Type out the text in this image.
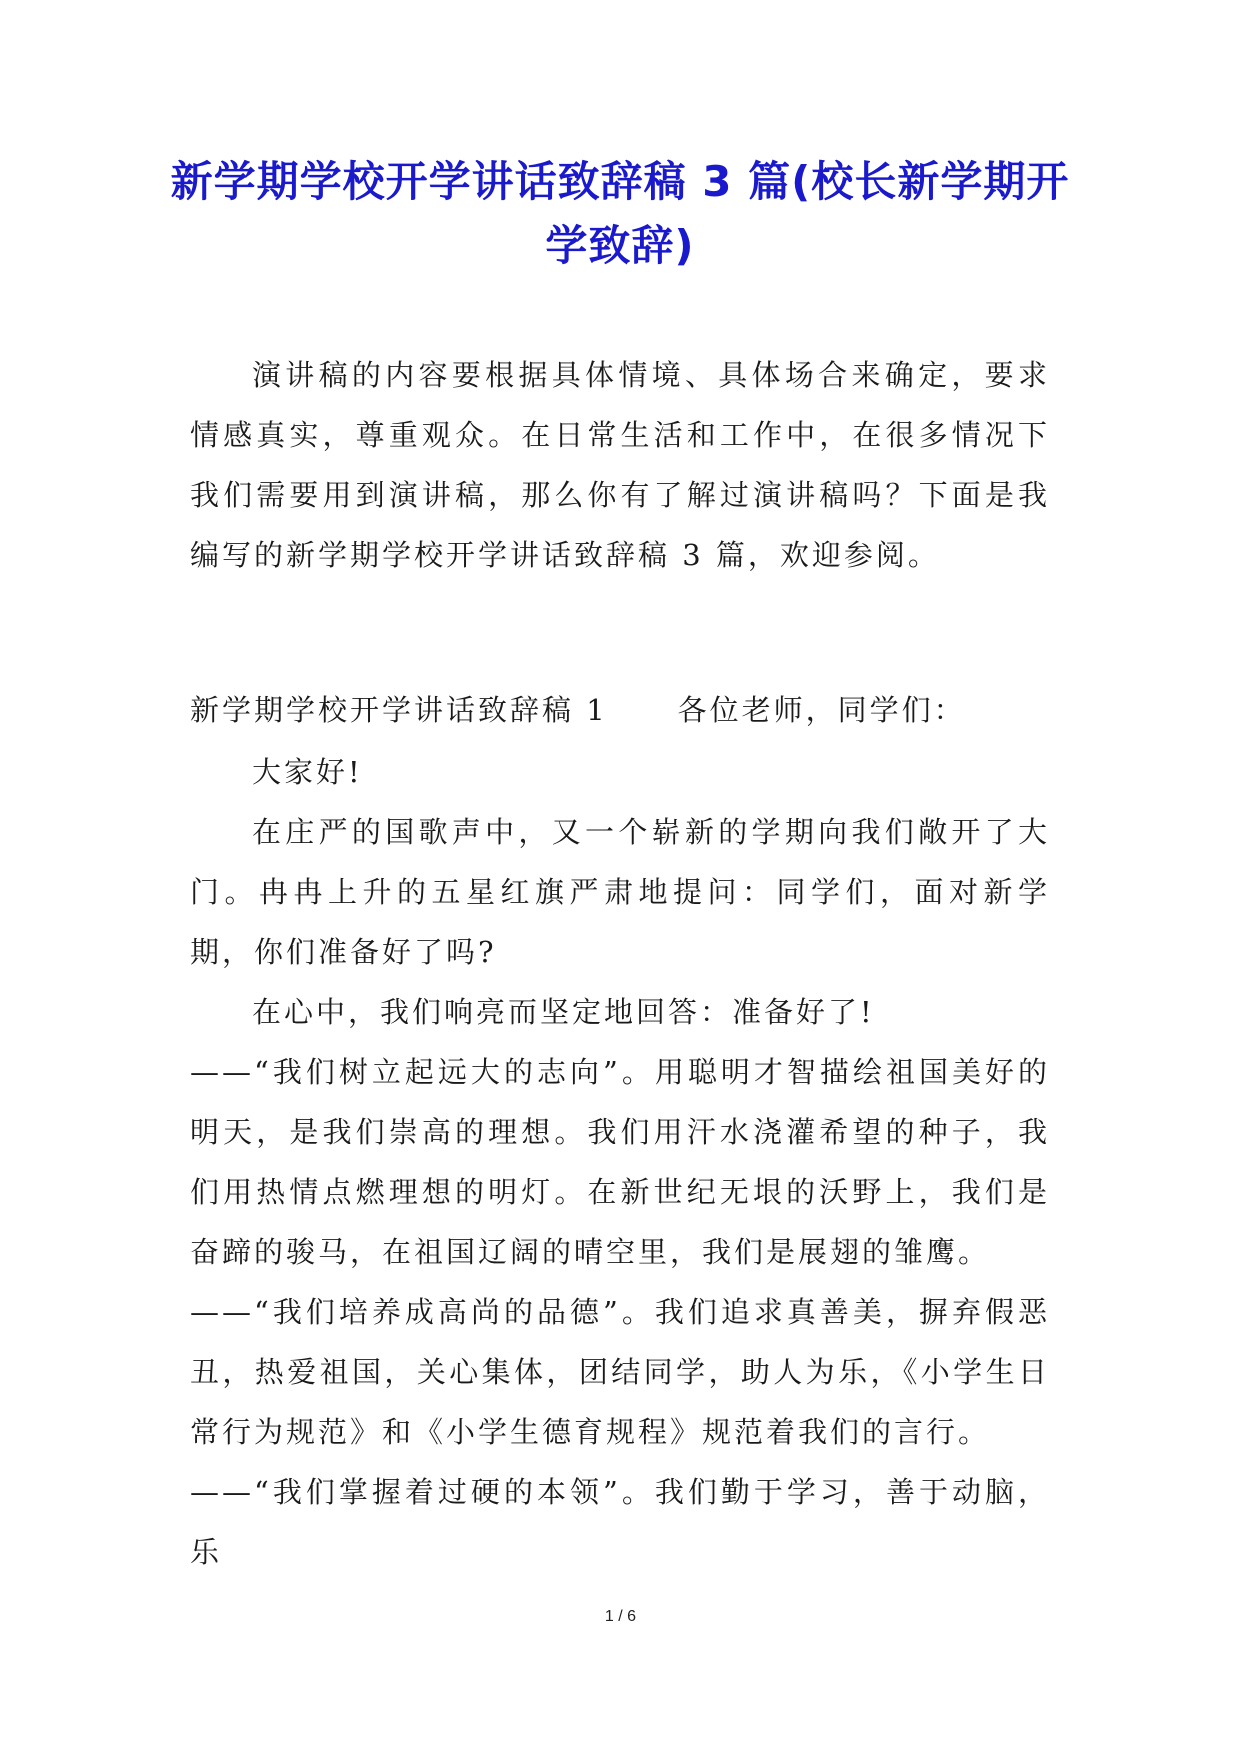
新学期学校开学讲话致辞稿 3 篇(校长新学期开学致辞)

演讲稿的内容要根据具体情境、具体场合来确定，要求情感真实，尊重观众。在日常生活和工作中，在很多情况下我们需要用到演讲稿，那么你有了解过演讲稿吗？下面是我编写的新学期学校开学讲话致辞稿 3 篇，欢迎参阅。

新学期学校开学讲话致辞稿 1 各位老师，同学们：

大家好!

在庄严的国歌声中，又一个崭新的学期向我们敞开了大门。冉冉上升的五星红旗严肃地提问：同学们，面对新学期，你们准备好了吗?

在心中，我们响亮而坚定地回答：准备好了!

——“我们树立起远大的志向”。用聪明才智描绘祖国美好的明天，是我们崇高的理想。我们用汗水浇灌希望的种子，我们用热情点燃理想的明灯。在新世纪无垠的沃野上，我们是奋蹄的骏马，在祖国辽阔的晴空里，我们是展翅的雏鹰。

——“我们培养成高尚的品德”。我们追求真善美，摒弃假恶丑，热爱祖国，关心集体，团结同学，助人为乐，《小学生日常行为规范》和《小学生德育规程》规范着我们的言行。

——“我们掌握着过硬的本领”。我们勤于学习，善于动脑，乐

1 / 6
